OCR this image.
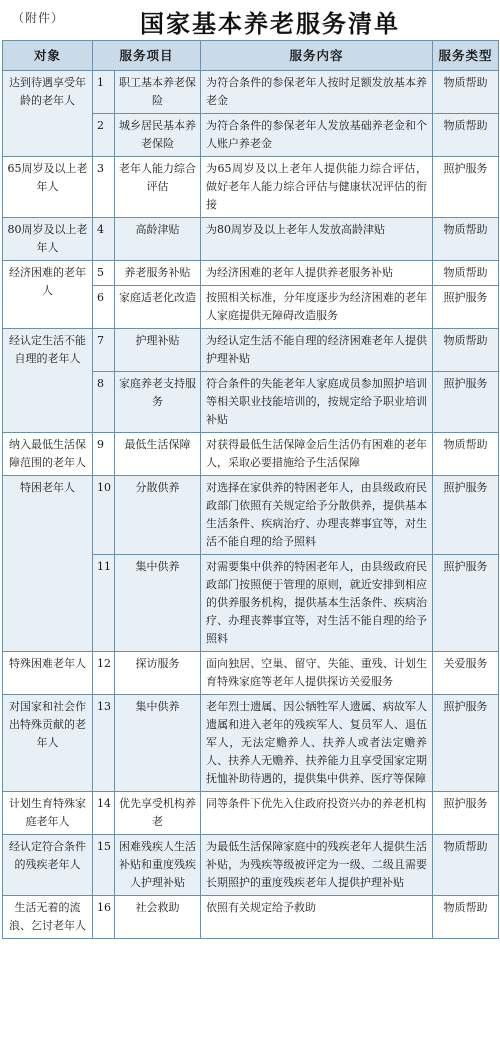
（附件）	国家基本养老服务清单
对象	服务项目		服务内容	服务类型
达到待遇享受年龄的老年人	1	职工基本养老保险	为符合条件的参保老年人按时足额发放基本养老金	物质帮助
	2	城乡居民基本养老保险	为符合条件的参保老年人发放基础养老金和个人账户养老金	物质帮助
65周岁及以上老年人	3	老年人能力综合评估	为65周岁及以上老年人提供能力综合评估，做好老年人能力综合评估与健康状况评估的衔接	照护服务
80周岁及以上老年人	4	高龄津贴	为80周岁及以上老年人发放高龄津贴	物质帮助
经济困难的老年人	5	养老服务补贴	为经济困难的老年人提供养老服务补贴	物质帮助
	6	家庭适老化改造	按照相关标准，分年度逐步为经济困难的老年人家庭提供无障碍改造服务	照护服务
经认定生活不能自理的老年人	7	护理补贴	为经认定生活不能自理的经济困难老年人提供护理补贴	物质帮助
	8	家庭养老支持服务	符合条件的失能老年人家庭成员参加照护培训等相关职业技能培训的，按规定给予职业培训补贴	照护服务
纳入最低生活保障范围的老年人	9	最低生活保障	对获得最低生活保障金后生活仍有困难的老年人，采取必要措施给予生活保障	物质帮助
特困老年人	10	分散供养	对选择在家供养的特困老年人，由县级政府民政部门依照有关规定给予分散供养，提供基本生活条件、疾病治疗、办理丧葬事宜等，对生活不能自理的给予照料	照护服务
	11	集中供养	对需要集中供养的特困老年人，由县级政府民政部门按照便于管理的原则，就近安排到相应的供养服务机构，提供基本生活条件、疾病治疗、办理丧葬事宜等，对生活不能自理的给予照料	照护服务
特殊困难老年人	12	探访服务	面向独居、空巢、留守、失能、重残、计划生育特殊家庭等老年人提供探访关爱服务	关爱服务
对国家和社会作出特殊贡献的老年人	13	集中供养	老年烈士遗属、因公牺牲军人遗属、病故军人遗属和进入老年的残疾军人、复员军人、退伍军人，无法定赡养人、扶养人或者法定赡养人、扶养人无赡养、扶养能力且享受国家定期抚恤补助待遇的，提供集中供养、医疗等保障	照护服务
计划生育特殊家庭老年人	14	优先享受机构养老	同等条件下优先入住政府投资兴办的养老机构	照护服务
经认定符合条件的残疾老年人	15	困难残疾人生活补贴和重度残疾人护理补贴	为最低生活保障家庭中的残疾老年人提供生活补贴，为残疾等级被评定为一级、二级且需要长期照护的重度残疾老年人提供护理补贴	物质帮助
生活无着的流浪、乞讨老年人	16	社会救助	依照有关规定给予救助	物质帮助
